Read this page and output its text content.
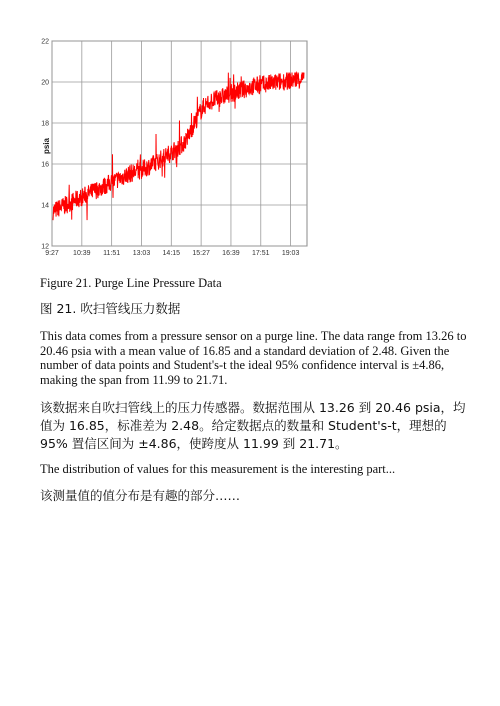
12
14
16
18
20
22
9:27 10:39 11:51 13:03 14:15 15:27 16:39 17:51 19:03
psia

Figure 21. Purge Line Pressure Data

图 21. 吹扫管线压力数据

This data comes from a pressure sensor on a purge line. The data range from 13.26 to 20.46 psia with a mean value of 16.85 and a standard deviation of 2.48. Given the number of data points and Student's-t the ideal 95% confidence interval is ±4.86, making the span from 11.99 to 21.71.

该数据来自吹扫管线上的压力传感器。数据范围从 13.26 到 20.46 psia，均值为 16.85，标准差为 2.48。给定数据点的数量和 Student's-t，理想的 95% 置信区间为 ±4.86，使跨度从 11.99 到 21.71。

The distribution of values for this measurement is the interesting part...

该测量值的值分布是有趣的部分……
